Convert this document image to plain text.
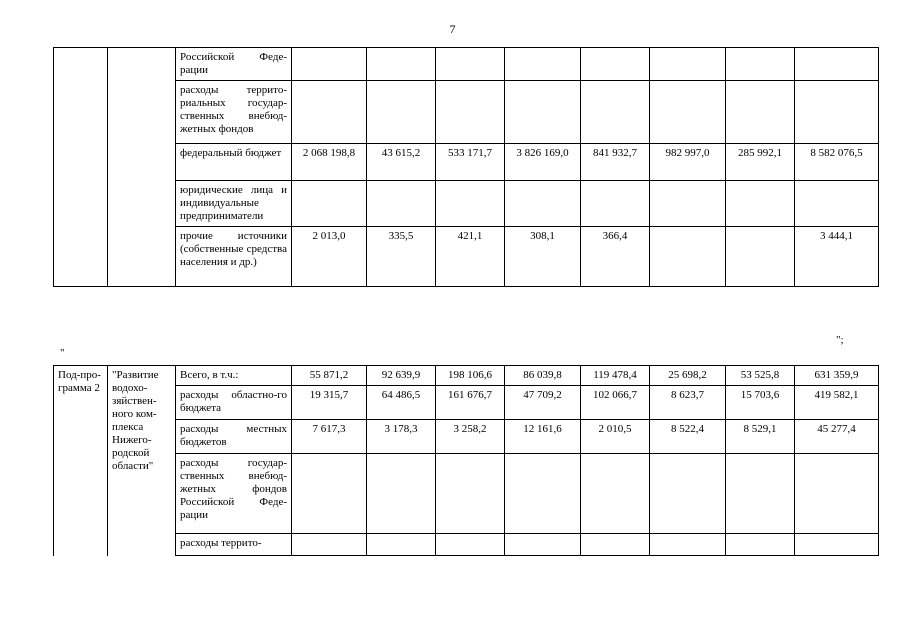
7
		Российской Феде-рации								
		расходы террито-риальных государ-ственных внебюд-жетных фондов								
		федеральный бюджет	2 068 198,8	43 615,2	533 171,7	3 826 169,0	841 932,7	982 997,0	285 992,1	8 582 076,5
		юридические лица и индивидуальные предприниматели								
		прочие источники (собственные средства населения и др.)	2 013,0	335,5	421,1	308,1	366,4			3 444,1
";
"
Под-про-грамма 2	"Развитие водохо-зяйствен-ного ком-плекса Нижего-родской области"	Всего, в т.ч.:	55 871,2	92 639,9	198 106,6	86 039,8	119 478,4	25 698,2	53 525,8	631 359,9
		расходы областно-го бюджета	19 315,7	64 486,5	161 676,7	47 709,2	102 066,7	8 623,7	15 703,6	419 582,1
		расходы местных бюджетов	7 617,3	3 178,3	3 258,2	12 161,6	2 010,5	8 522,4	8 529,1	45 277,4
		расходы государ-ственных внебюд-жетных фондов Российской Феде-рации								
		расходы террито-								
